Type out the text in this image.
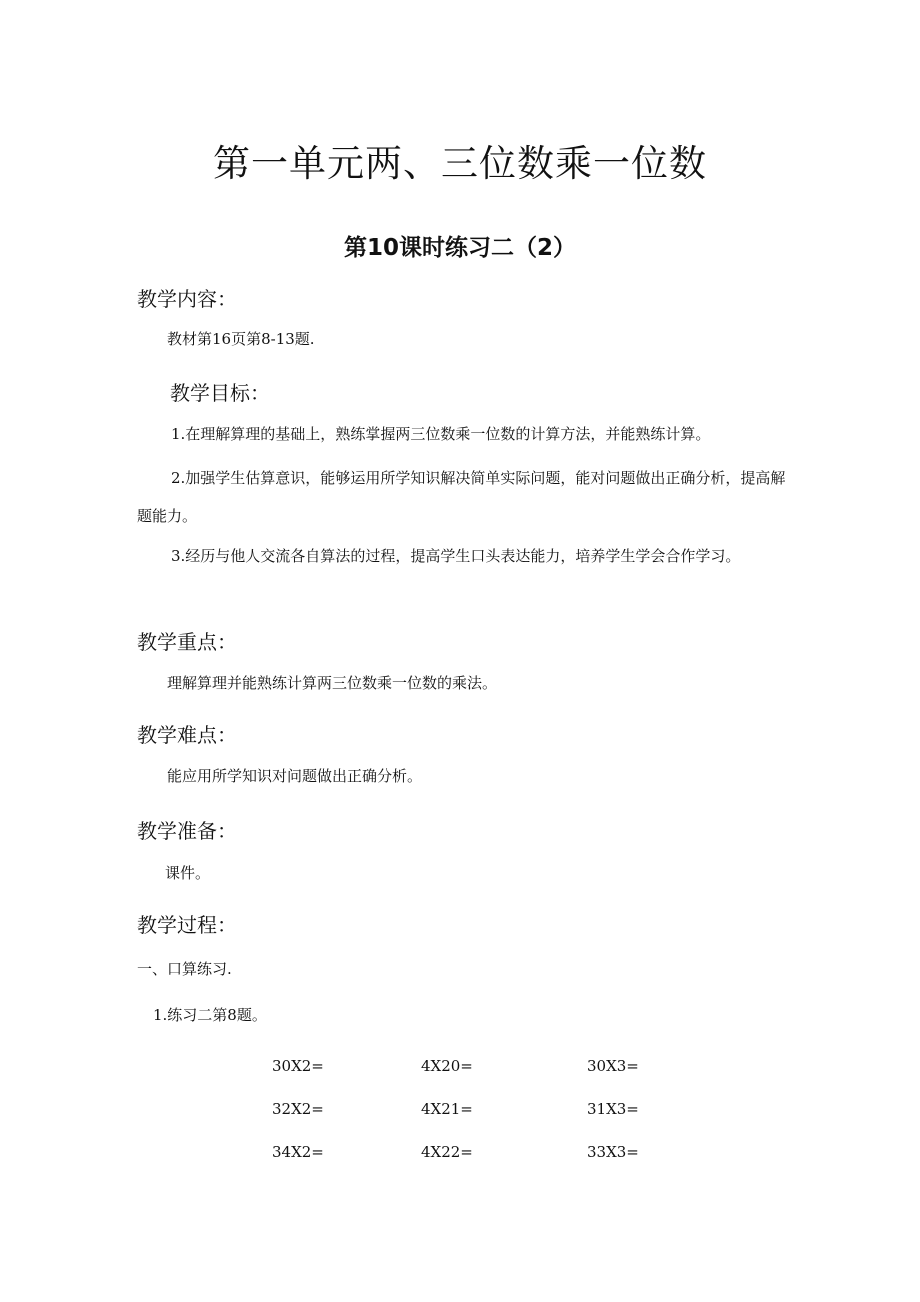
第一单元两、三位数乘一位数
第10课时练习二（2）
教学内容：
教材第16页第8-13题.
教学目标：
1.在理解算理的基础上，熟练掌握两三位数乘一位数的计算方法，并能熟练计算。
2.加强学生估算意识，能够运用所学知识解决简单实际问题，能对问题做出正确分析，提高解题能力。
3.经历与他人交流各自算法的过程，提高学生口头表达能力，培养学生学会合作学习。
教学重点：
理解算理并能熟练计算两三位数乘一位数的乘法。
教学难点：
能应用所学知识对问题做出正确分析。
教学准备：
课件。
教学过程：
一、口算练习.
1.练习二第8题。
30X2=	4X20=	30X3=
32X2=	4X21=	31X3=
34X2=	4X22=	33X3=
